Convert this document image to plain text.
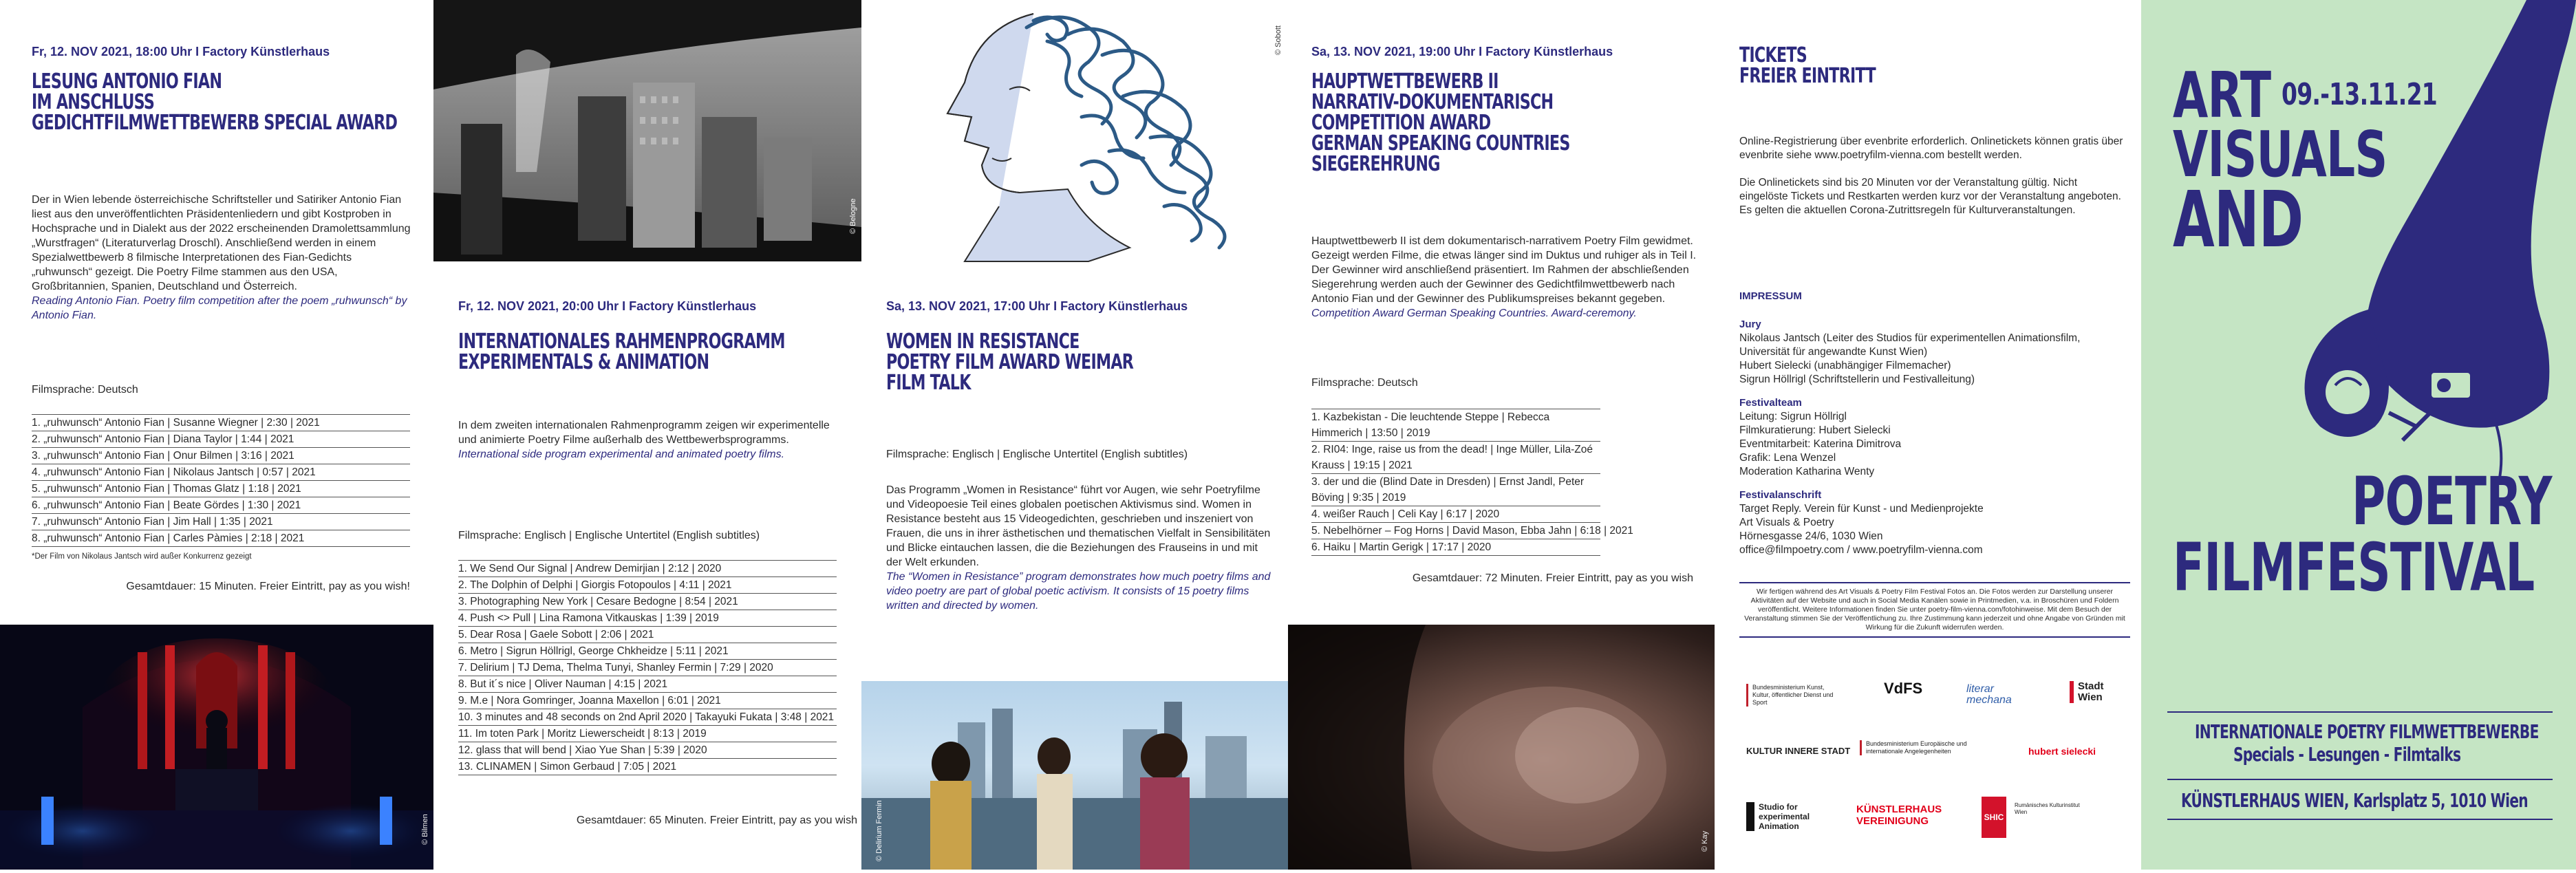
Fr, 12. NOV 2021, 18:00 Uhr I Factory Künstlerhaus
LESUNG ANTONIO FIAN
IM ANSCHLUSS
GEDICHTFILMWETTBEWERB SPECIAL AWARD

Der in Wien lebende österreichische Schriftsteller und Satiriker Antonio Fian liest aus den unveröffentlichten Präsidentenliedern und gibt Kostproben in Hochsprache und in Dialekt aus der 2022 erscheinenden Dramolettsammlung „Wurstfragen“ (Literaturverlag Droschl). Anschließend werden in einem Spezialwettbewerb 8 filmische Interpretationen des Fian-Gedichts „ruhwunsch“ gezeigt. Die Poetry Filme stammen aus den USA, Großbritannien, Spanien, Deutschland und Österreich.

Reading Antonio Fian. Poetry film competition after the poem „ruhwunsch“ by Antonio Fian.

Filmsprache: Deutsch
1. „ruhwunsch“ Antonio Fian | Susanne Wiegner | 2:30 | 2021
2. „ruhwunsch“ Antonio Fian | Diana Taylor | 1:44 | 2021
3. „ruhwunsch“ Antonio Fian | Onur Bilmen | 3:16 | 2021
4. „ruhwunsch“ Antonio Fian | Nikolaus Jantsch | 0:57 | 2021
5. „ruhwunsch“ Antonio Fian | Thomas Glatz | 1:18 | 2021
6. „ruhwunsch“ Antonio Fian | Beate Gördes | 1:30 | 2021
7. „ruhwunsch“ Antonio Fian | Jim Hall | 1:35 | 2021
8. „ruhwunsch“ Antonio Fian | Carles Pàmies | 2:18 | 2021
*Der Film von Nikolaus Jantsch wird außer Konkurrenz gezeigt
Gesamtdauer: 15 Minuten. Freier Eintritt, pay as you wish!
© Bilmen
© Belogne
Fr, 12. NOV 2021, 20:00 Uhr I Factory Künstlerhaus
INTERNATIONALES RAHMENPROGRAMM
EXPERIMENTALS & ANIMATION

In dem zweiten internationalen Rahmenprogramm zeigen wir experimentelle und animierte Poetry Filme außerhalb des Wettbewerbsprogramms.

International side program experimental and animated poetry films.

Filmsprache: Englisch | Englische Untertitel (English subtitles)
1. We Send Our Signal | Andrew Demirjian | 2:12 | 2020
2. The Dolphin of Delphi | Giorgis Fotopoulos | 4:11 | 2021
3. Photographing New York | Cesare Bedogne | 8:54 | 2021
4. Push <> Pull | Lina Ramona Vitkauskas | 1:39 | 2019
5. Dear Rosa | Gaele Sobott | 2:06 | 2021
6. Metro | Sigrun Höllrigl, George Chkheidze | 5:11 | 2021
7. Delirium | TJ Dema, Thelma Tunyi, Shanley Fermin | 7:29 | 2020
8. But it´s nice | Oliver Nauman | 4:15 | 2021
9. M.e | Nora Gomringer, Joanna Maxellon | 6:01 | 2021
10. 3 minutes and 48 seconds on 2nd April 2020 | Takayuki Fukata | 3:48 | 2021
11. Im toten Park | Moritz Liewerscheidt | 8:13 | 2019
12. glass that will bend | Xiao Yue Shan | 5:39 | 2020
13. CLINAMEN | Simon Gerbaud | 7:05 | 2021
Gesamtdauer: 65 Minuten. Freier Eintritt, pay as you wish
© Sobott
Sa, 13. NOV 2021, 17:00 Uhr I Factory Künstlerhaus
WOMEN IN RESISTANCE
POETRY FILM AWARD WEIMAR
FILM TALK
Filmsprache: Englisch | Englische Untertitel (English subtitles)

Das Programm „Women in Resistance“ führt vor Augen, wie sehr Poetryfilme und Videopoesie Teil eines globalen poetischen Aktivismus sind. Women in Resistance besteht aus 15 Videogedichten, geschrieben und inszeniert von Frauen, die uns in ihrer ästhetischen und thematischen Vielfalt in Sensibilitäten und Blicke eintauchen lassen, die die Beziehungen des Frauseins in und mit der Welt erkunden.

The “Women in Resistance” program demonstrates how much poetry films and video poetry are part of global poetic activism. It consists of 15 poetry films written and directed by women.

© Delirium Fermin
Sa, 13. NOV 2021, 19:00 Uhr I Factory Künstlerhaus
HAUPTWETTBEWERB II
NARRATIV-DOKUMENTARISCH
COMPETITION AWARD
GERMAN SPEAKING COUNTRIES
SIEGEREHRUNG

Hauptwettbewerb II ist dem dokumentarisch-narrativem Poetry Film gewidmet. Gezeigt werden Filme, die etwas länger sind im Duktus und ruhiger als in Teil I. Der Gewinner wird anschließend präsentiert. Im Rahmen der abschließenden Siegerehrung werden auch der Gewinner des Gedichtfilmwettbewerb nach Antonio Fian und der Gewinner des Publikumspreises bekannt gegeben.

Competition Award German Speaking Countries. Award-ceremony.

Filmsprache: Deutsch
1. Kazbekistan - Die leuchtende Steppe | Rebecca Himmerich | 13:50 | 2019
2. RI04: Inge, raise us from the dead! | Inge Müller, Lila-Zoé Krauss | 19:15 | 2021
3. der und die (Blind Date in Dresden) | Ernst Jandl, Peter Böving | 9:35 | 2019
4. weißer Rauch | Celi Kay | 6:17 | 2020
5. Nebelhörner – Fog Horns | David Mason, Ebba Jahn | 6:18 | 2021
6. Haiku | Martin Gerigk | 17:17 | 2020
Gesamtdauer: 72 Minuten. Freier Eintritt, pay as you wish
© Kay
TICKETS
FREIER EINTRITT

Online-Registrierung über evenbrite erforderlich. Onlinetickets können gratis über evenbrite siehe www.poetryfilm-vienna.com bestellt werden.

Die Onlinetickets sind bis 20 Minuten vor der Veranstaltung gültig. Nicht eingelöste Tickets und Restkarten werden kurz vor der Veranstaltung angeboten. Es gelten die aktuellen Corona-Zutrittsregeln für Kulturveranstaltungen.

IMPRESSUM
Jury
Nikolaus Jantsch (Leiter des Studios für experimentellen Animationsfilm, Universität für angewandte Kunst Wien)
Hubert Sielecki (unabhängiger Filmemacher)
Sigrun Höllrigl (Schriftstellerin und Festivalleitung)
Festivalteam
Leitung: Sigrun Höllrigl
Filmkuratierung: Hubert Sielecki
Eventmitarbeit: Katerina Dimitrova
Grafik: Lena Wenzel
Moderation Katharina Wenty
Festivalanschrift
Target Reply. Verein für Kunst - und Medienprojekte
Art Visuals & Poetry
Hörnesgasse 24/6, 1030 Wien
office@filmpoetry.com / www.poetryfilm-vienna.com
Wir fertigen während des Art Visuals & Poetry Film Festival Fotos an. Die Fotos werden zur Darstellung unserer Aktivitäten auf der Website und auch in Social Media Kanälen sowie in Printmedien, v.a. in Broschüren und Foldern veröffentlicht. Weitere Informationen finden Sie unter poetry-film-vienna.com/fotohinweise. Mit dem Besuch der Veranstaltung stimmen Sie der Veröffentlichung zu. Ihre Zustimmung kann jederzeit und ohne Angabe von Gründen mit Wirkung für die Zukunft widerrufen werden.
Bundesministerium Kunst, Kultur, öffentlicher Dienst und Sport
VdFS	literar mechana
Stadt Wien
KULTUR INNERE STADT
Bundesministerium Europäische und internationale Angelegenheiten	hubert sielecki
Studio for experimental Animation
KÜNSTLERHAUS VEREINIGUNG	SHIC
Rumänisches Kulturinstitut Wien
ART 09.-13.11.21
VISUALS
AND
POETRY
FILMFESTIVAL
INTERNATIONALE POETRY FILMWETTBEWERBE
Specials - Lesungen - Filmtalks
KÜNSTLERHAUS WIEN, Karlsplatz 5, 1010 Wien
